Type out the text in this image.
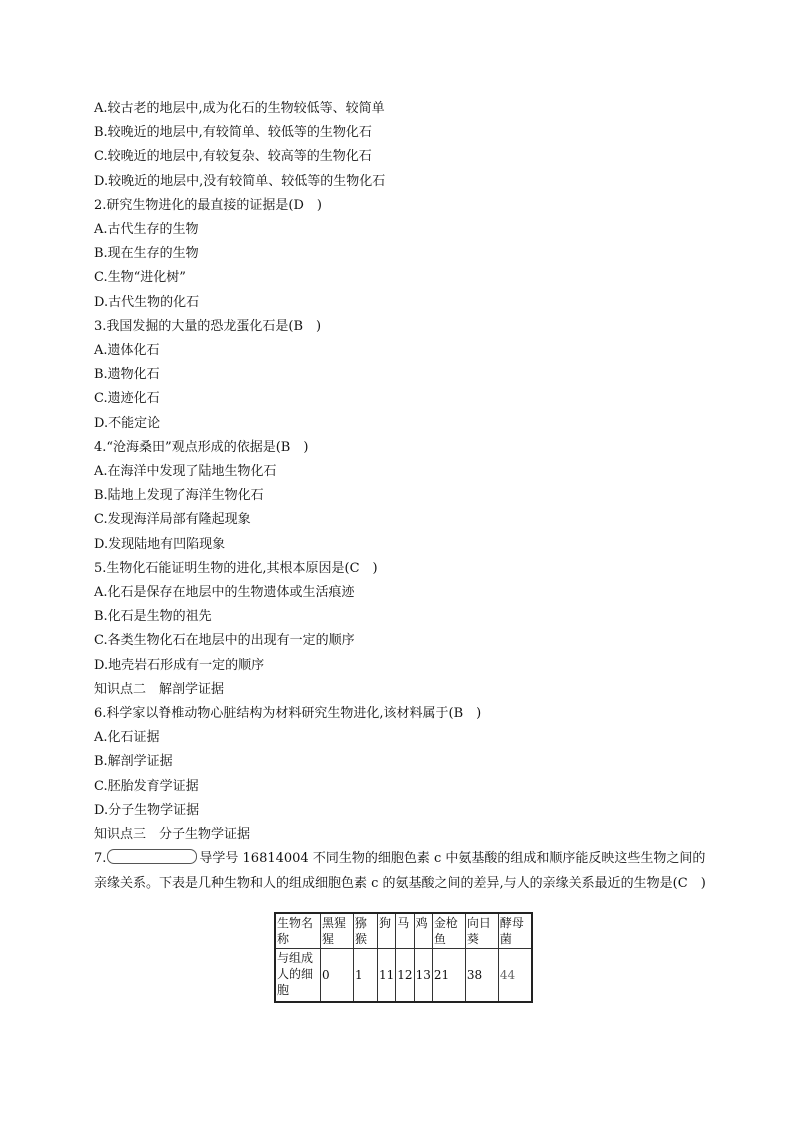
A.较古老的地层中,成为化石的生物较低等、较简单
B.较晚近的地层中,有较简单、较低等的生物化石
C.较晚近的地层中,有较复杂、较高等的生物化石
D.较晚近的地层中,没有较简单、较低等的生物化石
2.研究生物进化的最直接的证据是(D　)
A.古代生存的生物
B.现在生存的生物
C.生物“进化树”
D.古代生物的化石
3.我国发掘的大量的恐龙蛋化石是(B　)
A.遗体化石
B.遗物化石
C.遗迹化石
D.不能定论
4.“沧海桑田”观点形成的依据是(B　)
A.在海洋中发现了陆地生物化石
B.陆地上发现了海洋生物化石
C.发现海洋局部有隆起现象
D.发现陆地有凹陷现象
5.生物化石能证明生物的进化,其根本原因是(C　)
A.化石是保存在地层中的生物遗体或生活痕迹
B.化石是生物的祖先
C.各类生物化石在地层中的出现有一定的顺序
D.地壳岩石形成有一定的顺序
知识点二　解剖学证据
6.科学家以脊椎动物心脏结构为材料研究生物进化,该材料属于(B　)
A.化石证据
B.解剖学证据
C.胚胎发育学证据
D.分子生物学证据
知识点三　分子生物学证据
7.	导学号 16814004 不同生物的细胞色素 c 中氨基酸的组成和顺序能反映这些生物之间的亲缘关系。下表是几种生物和人的组成细胞色素 c 的氨基酸之间的差异,与人的亲缘关系最近的生物是(C　)
生物名称	黑猩猩	猕猴	狗	马	鸡	金枪鱼	向日葵	酵母菌
与组成人的细胞	0	1	11	12	13	21	38	44
